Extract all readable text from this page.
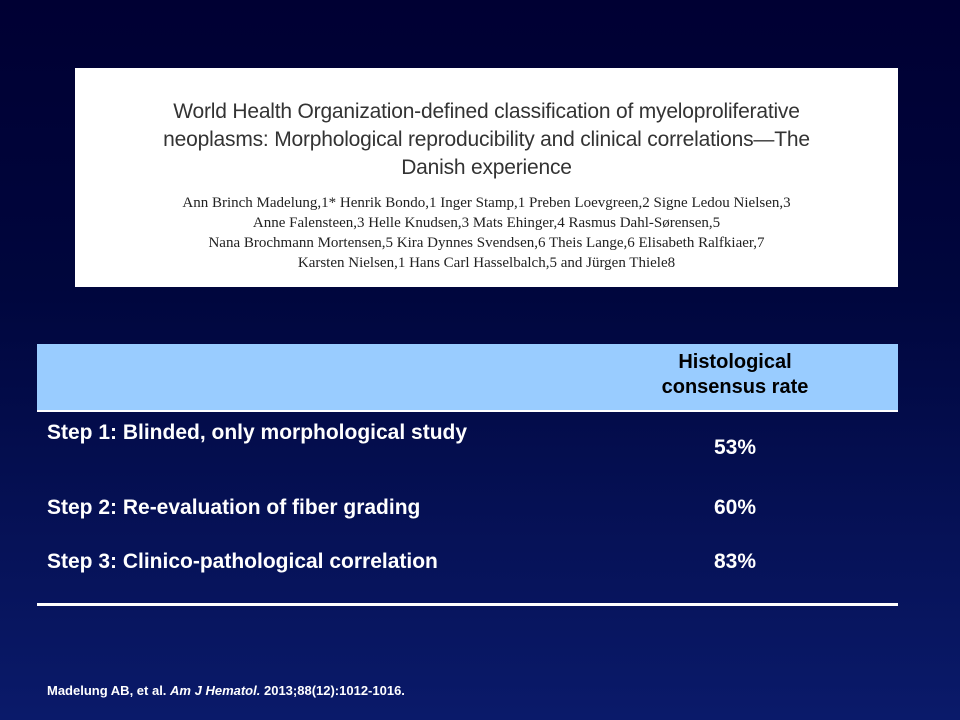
World Health Organization-defined classification of myeloproliferative
neoplasms: Morphological reproducibility and clinical correlations—The
Danish experience
Ann Brinch Madelung,1* Henrik Bondo,1 Inger Stamp,1 Preben Loevgreen,2 Signe Ledou Nielsen,3
Anne Falensteen,3 Helle Knudsen,3 Mats Ehinger,4 Rasmus Dahl-Sørensen,5
Nana Brochmann Mortensen,5 Kira Dynnes Svendsen,6 Theis Lange,6 Elisabeth Ralfkiaer,7
Karsten Nielsen,1 Hans Carl Hasselbalch,5 and Jürgen Thiele8
Histological consensus rate
Step 1: Blinded, only morphological study
53%
Step 2: Re-evaluation of fiber grading	60%
Step 3: Clinico-pathological correlation	83%
Madelung AB, et al. Am J Hematol. 2013;88(12):1012-1016.
